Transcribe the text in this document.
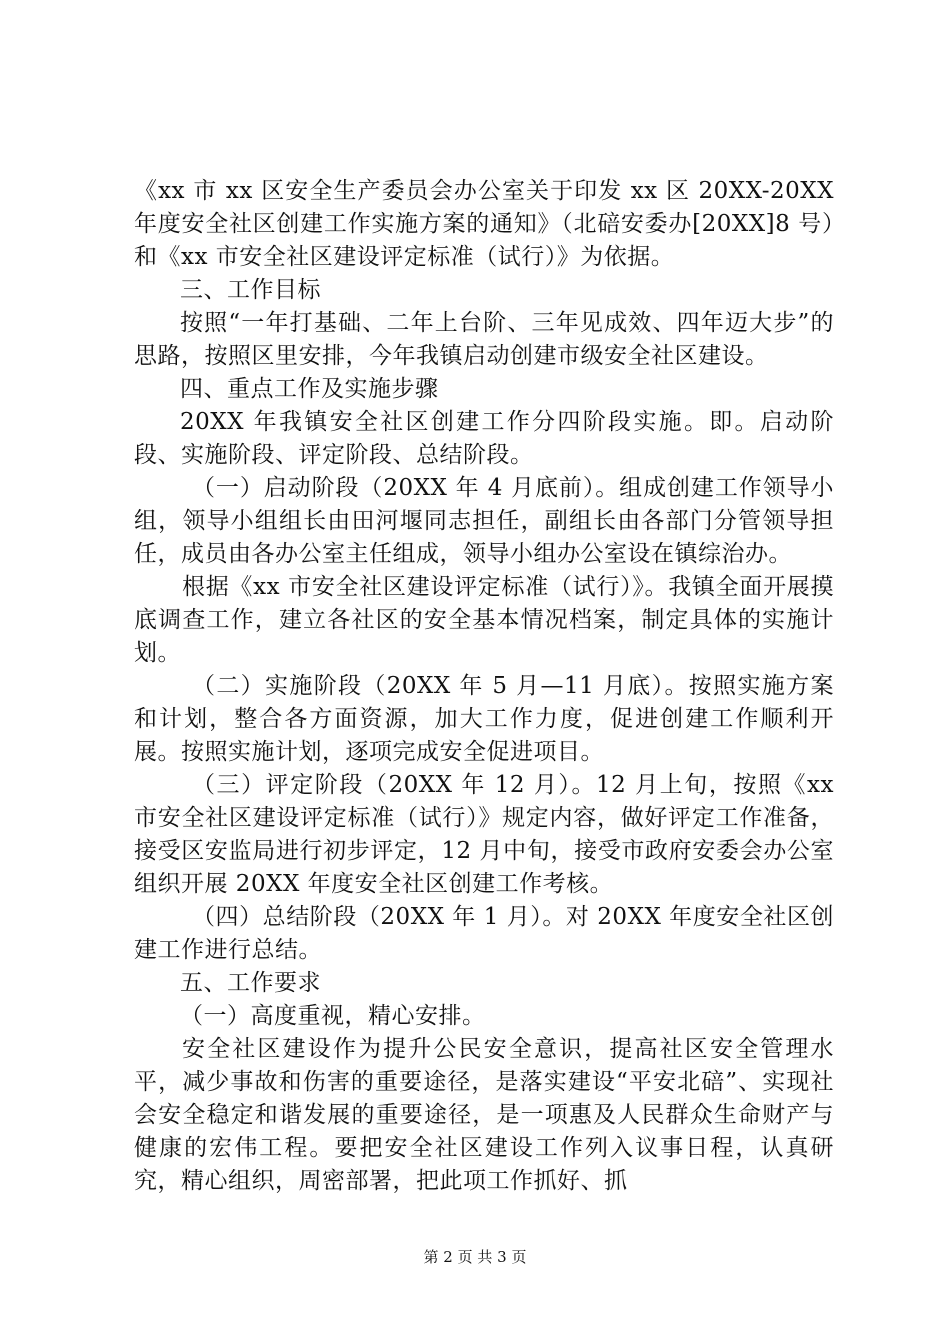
《xx 市 xx 区安全生产委员会办公室关于印发 xx 区 20XX-20XX 年度安全社区创建工作实施方案的通知》（北碚安委办[20XX]8 号）和《xx 市安全社区建设评定标准（试行）》为依据。

三、工作目标

按照“一年打基础、二年上台阶、三年见成效、四年迈大步”的思路，按照区里安排，今年我镇启动创建市级安全社区建设。

四、重点工作及实施步骤

20XX 年我镇安全社区创建工作分四阶段实施。即。启动阶段、实施阶段、评定阶段、总结阶段。

（一）启动阶段（20XX 年 4 月底前）。组成创建工作领导小组，领导小组组长由田河堰同志担任，副组长由各部门分管领导担任，成员由各办公室主任组成，领导小组办公室设在镇综治办。

根据《xx 市安全社区建设评定标准（试行）》。我镇全面开展摸底调查工作，建立各社区的安全基本情况档案，制定具体的实施计划。

（二）实施阶段（20XX 年 5 月—11 月底）。按照实施方案和计划，整合各方面资源，加大工作力度，促进创建工作顺利开展。按照实施计划，逐项完成安全促进项目。

（三）评定阶段（20XX 年 12 月）。12 月上旬，按照《xx 市安全社区建设评定标准（试行）》规定内容，做好评定工作准备，接受区安监局进行初步评定，12 月中旬，接受市政府安委会办公室组织开展 20XX 年度安全社区创建工作考核。

（四）总结阶段（20XX 年 1 月）。对 20XX 年度安全社区创建工作进行总结。

五、工作要求

（一）高度重视，精心安排。

安全社区建设作为提升公民安全意识，提高社区安全管理水平，减少事故和伤害的重要途径，是落实建设“平安北碚”、实现社会安全稳定和谐发展的重要途径，是一项惠及人民群众生命财产与健康的宏伟工程。要把安全社区建设工作列入议事日程，认真研究，精心组织，周密部署，把此项工作抓好、抓

第 2 页 共 3 页
